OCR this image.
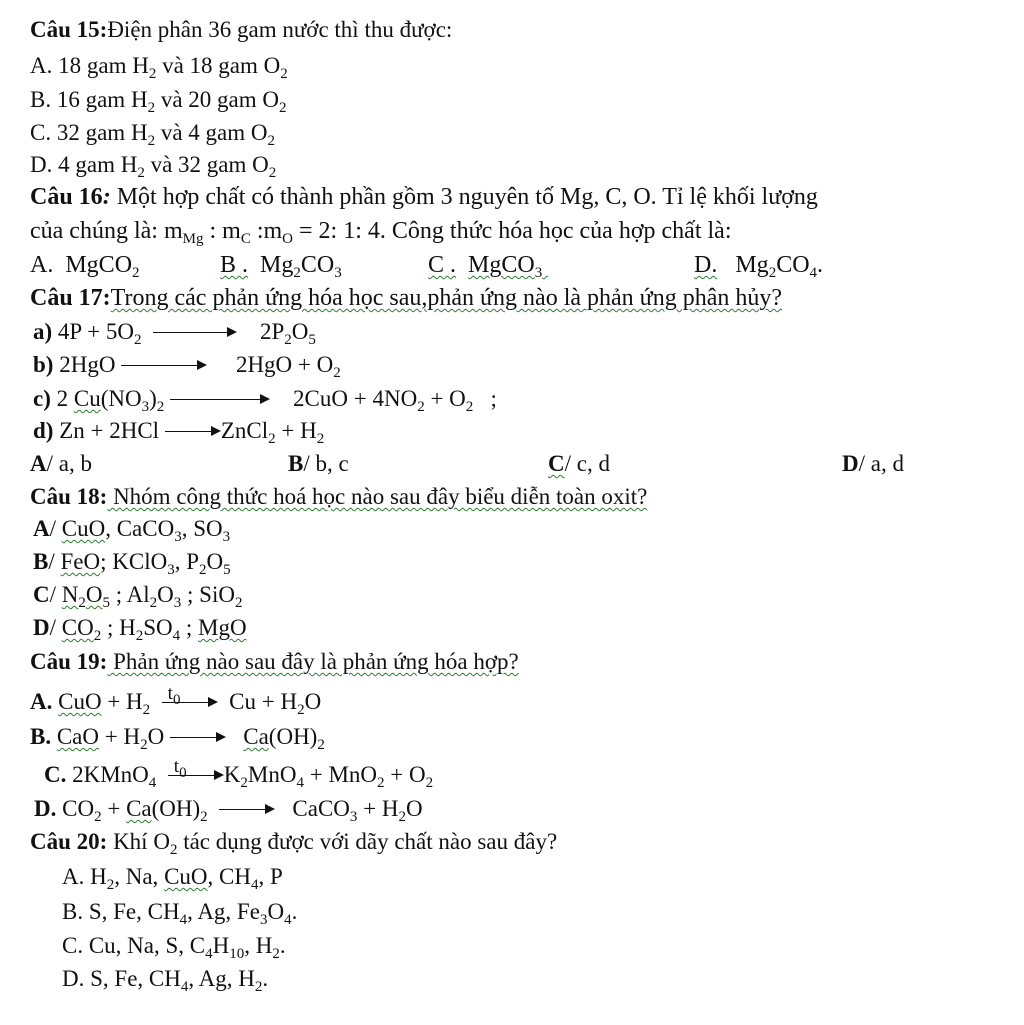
Câu 15:Điện phân 36 gam nước thì thu được:
A. 18 gam $H_2$ và 18 gam $O_2$
B. 16 gam $H_2$ và 20 gam $O_2$
C. 32 gam $H_2$ và 4 gam $O_2$
D. 4 gam $H_2$ và 32 gam $O_2$
Câu 16: Một hợp chất có thành phần gồm 3 nguyên tố Mg, C, O. Tỉ lệ khối lượng
của chúng là: $m_{Mg}$ : $m_C$ $:m_O = 2$: 1: 4. Công thức hóa học của hợp chất là:
A. MgCO$_2$	B . $Mg_2CO_3$	C . MgCO$_3$	D. $Mg_2CO_4$.
Câu 17:Trong các phản ứng hóa học sau,phản ứng nào là phản ứng phân hủy?
a) $4P + 5O_2$	$2P_2O_5$
b) 2HgO	$2HgO + O_2$
c) 2 $Cu(NO_3)_2$	$2CuO + 4NO_2 + O_2$ ;
d) Zn + 2HCl	ZnCl$_2$ + $H_2$
A/ a, b	B/ b, c	C/ c, d	D/ a, d
Câu 18: Nhóm công thức hoá học nào sau đây biểu diễn toàn oxit?
A/ CuO, CaCO$_3$, $SO_3$
B/ FeO; KClO$_3$, $P_2O_5$
C/ $N_2O_5$ ; $Al_2O_3$ ; SiO$_2$
D/ $CO_2$ ; $H_2SO_4$ ; MgO
Câu 19: Phản ứng nào sau đây là phản ứng hóa hợp?
A. CuO + $H_2$
$t_0$ $Cu + H_2O$
B. CaO + $H_2O$	$Ca(OH)_2$
C. 2KMnO$_4$
$t_0$ $K_2MnO_4 + MnO_2 + O_2$
D. $CO_2 + Ca(OH)_2$	CaCO$_3$ + $H_2O$
Câu 20: Khí $O_2$ tác dụng được với dãy chất nào sau đây?
A. $H_2$, Na, CuO, $CH_4$, P
B. S, Fe, $CH_4$, Ag, $Fe_3O_4$.
C. Cu, Na, S, $C_4H_{10}$, $H_2$.
D. S, Fe, $CH_4$, Ag, $H_2$.
